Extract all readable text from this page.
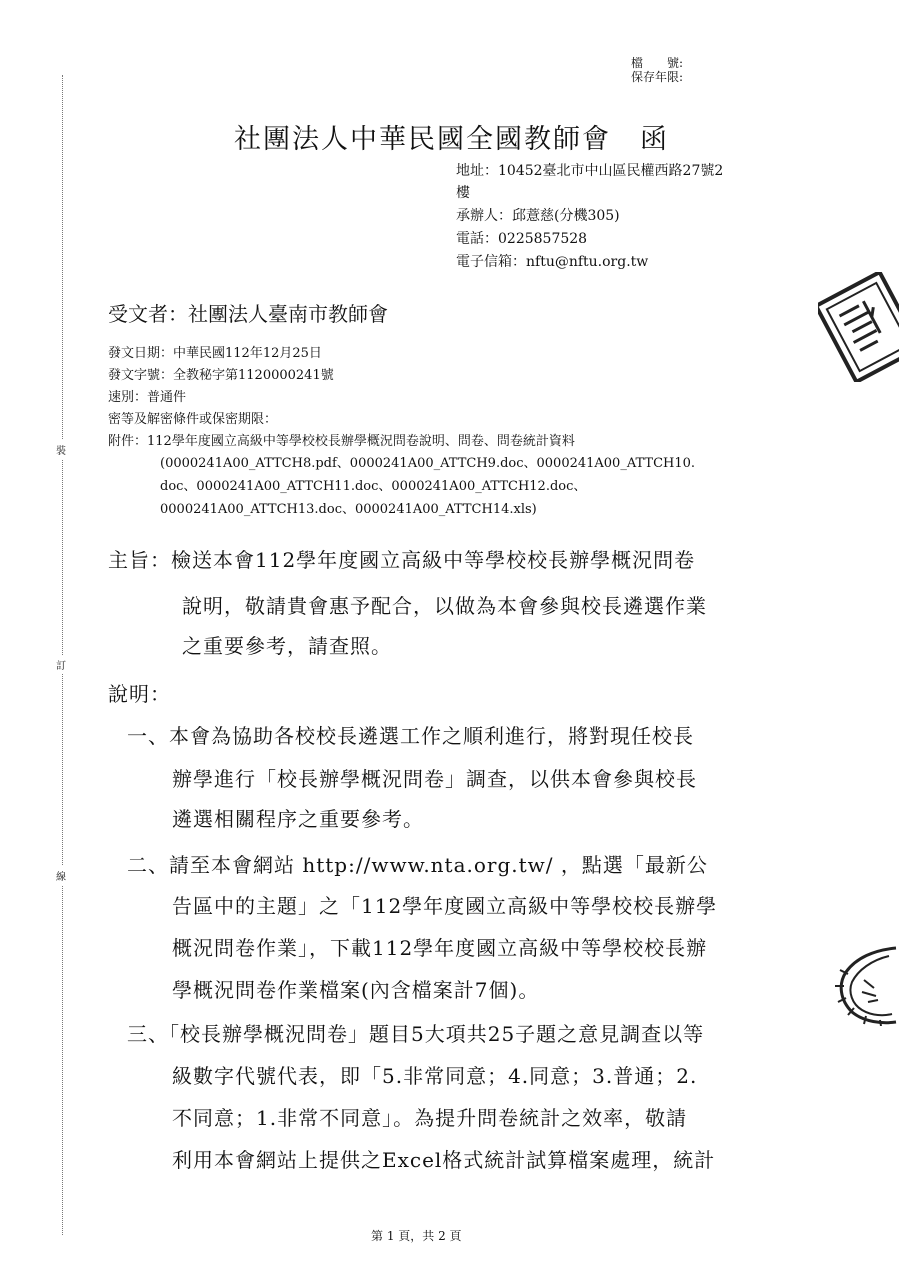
裝
訂
線
檔　　號:
保存年限:
社團法人中華民國全國教師會　函
地址：10452臺北市中山區民權西路27號2
樓
承辦人：邱薏慈(分機305)
電話：0225857528
電子信箱：nftu@nftu.org.tw
受文者：社團法人臺南市教師會
發文日期：中華民國112年12月25日
發文字號：全教秘字第1120000241號
速別：普通件
密等及解密條件或保密期限：
附件：112學年度國立高級中等學校校長辦學概況問卷說明、問卷、問卷統計資料
(0000241A00_ATTCH8.pdf、0000241A00_ATTCH9.doc、0000241A00_ATTCH10.
doc、0000241A00_ATTCH11.doc、0000241A00_ATTCH12.doc、
0000241A00_ATTCH13.doc、0000241A00_ATTCH14.xls)
主旨：檢送本會112學年度國立高級中等學校校長辦學概況問卷
說明，敬請貴會惠予配合，以做為本會參與校長遴選作業
之重要參考，請查照。
說明：
一、本會為協助各校校長遴選工作之順利進行，將對現任校長
辦學進行「校長辦學概況問卷」調查，以供本會參與校長
遴選相關程序之重要參考。
二、請至本會網站 http://www.nta.org.tw/ ，點選「最新公
告區中的主題」之「112學年度國立高級中等學校校長辦學
概況問卷作業」，下載112學年度國立高級中等學校校長辦
學概況問卷作業檔案(內含檔案計7個)。
三、「校長辦學概況問卷」題目5大項共25子題之意見調查以等
級數字代號代表，即「5.非常同意；4.同意；3.普通；2.
不同意；1.非常不同意」。為提升問卷統計之效率，敬請
利用本會網站上提供之Excel格式統計試算檔案處理，統計
第 1 頁，共 2 頁
